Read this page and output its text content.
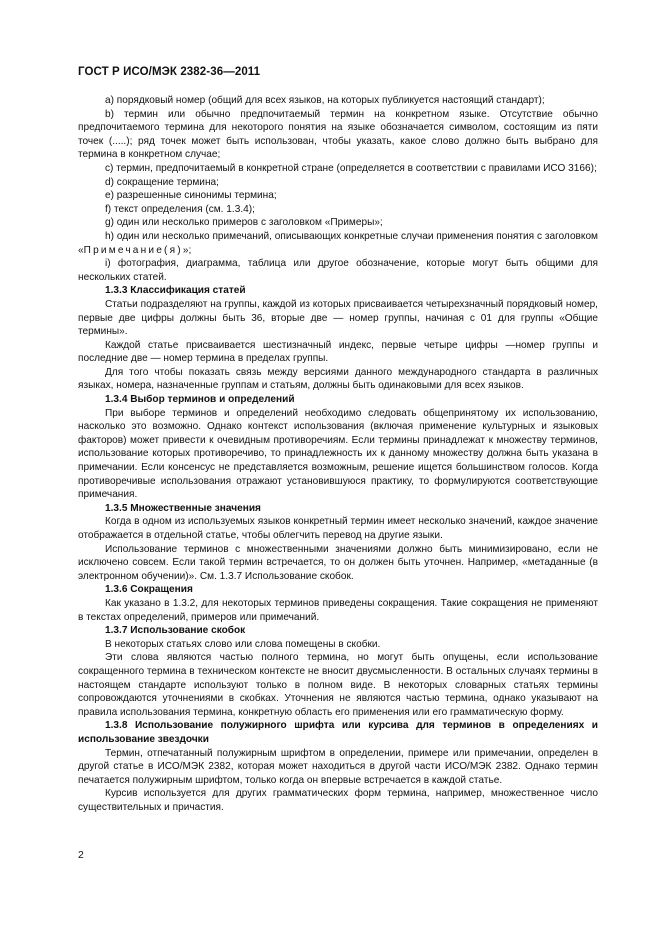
ГОСТ Р ИСО/МЭК 2382-36—2011

a) порядковый номер (общий для всех языков, на которых публикуется настоящий стандарт);

b) термин или обычно предпочитаемый термин на конкретном языке. Отсутствие обычно предпочитаемого термина для некоторого понятия на языке обозначается символом, состоящим из пяти точек (.....); ряд точек может быть использован, чтобы указать, какое слово должно быть выбрано для термина в конкретном случае;

c) термин, предпочитаемый в конкретной стране (определяется в соответствии с правилами ИСО 3166);

d) сокращение термина;

e) разрешенные синонимы термина;

f) текст определения (см. 1.3.4);

g) один или несколько примеров с заголовком «Примеры»;

h) один или несколько примечаний, описывающих конкретные случаи применения понятия с заголовком «Примечание(я)»;

i) фотография, диаграмма, таблица или другое обозначение, которые могут быть общими для нескольких статей.

1.3.3 Классификация статей

Статьи подразделяют на группы, каждой из которых присваивается четырехзначный порядковый номер, первые две цифры должны быть 36, вторые две — номер группы, начиная с 01 для группы «Общие термины».

Каждой статье присваивается шестизначный индекс, первые четыре цифры —номер группы и последние две — номер термина в пределах группы.

Для того чтобы показать связь между версиями данного международного стандарта в различных языках, номера, назначенные группам и статьям, должны быть одинаковыми для всех языков.

1.3.4 Выбор терминов и определений

При выборе терминов и определений необходимо следовать общепринятому их использованию, насколько это возможно. Однако контекст использования (включая применение культурных и языковых факторов) может привести к очевидным противоречиям. Если термины принадлежат к множеству терминов, использование которых противоречиво, то принадлежность их к данному множеству должна быть указана в примечании. Если консенсус не представляется возможным, решение ищется большинством голосов. Когда противоречивые использования отражают установившуюся практику, то формулируются соответствующие примечания.

1.3.5 Множественные значения

Когда в одном из используемых языков конкретный термин имеет несколько значений, каждое значение отображается в отдельной статье, чтобы облегчить перевод на другие языки.

Использование терминов с множественными значениями должно быть минимизировано, если не исключено совсем. Если такой термин встречается, то он должен быть уточнен. Например, «метаданные (в электронном обучении)». См. 1.3.7 Использование скобок.

1.3.6 Сокращения

Как указано в 1.3.2, для некоторых терминов приведены сокращения. Такие сокращения не применяют в текстах определений, примеров или примечаний.

1.3.7 Использование скобок

В некоторых статьях слово или слова помещены в скобки.

Эти слова являются частью полного термина, но могут быть опущены, если использование сокращенного термина в техническом контексте не вносит двусмысленности. В остальных случаях термины в настоящем стандарте используют только в полном виде. В некоторых словарных статьях термины сопровождаются уточнениями в скобках. Уточнения не являются частью термина, однако указывают на правила использования термина, конкретную область его применения или его грамматическую форму.

1.3.8 Использование полужирного шрифта или курсива для терминов в определениях и использование звездочки

Термин, отпечатанный полужирным шрифтом в определении, примере или примечании, определен в другой статье в ИСО/МЭК 2382, которая может находиться в другой части ИСО/МЭК 2382. Однако термин печатается полужирным шрифтом, только когда он впервые встречается в каждой статье.

Курсив используется для других грамматических форм термина, например, множественное число существительных и причастия.

2
